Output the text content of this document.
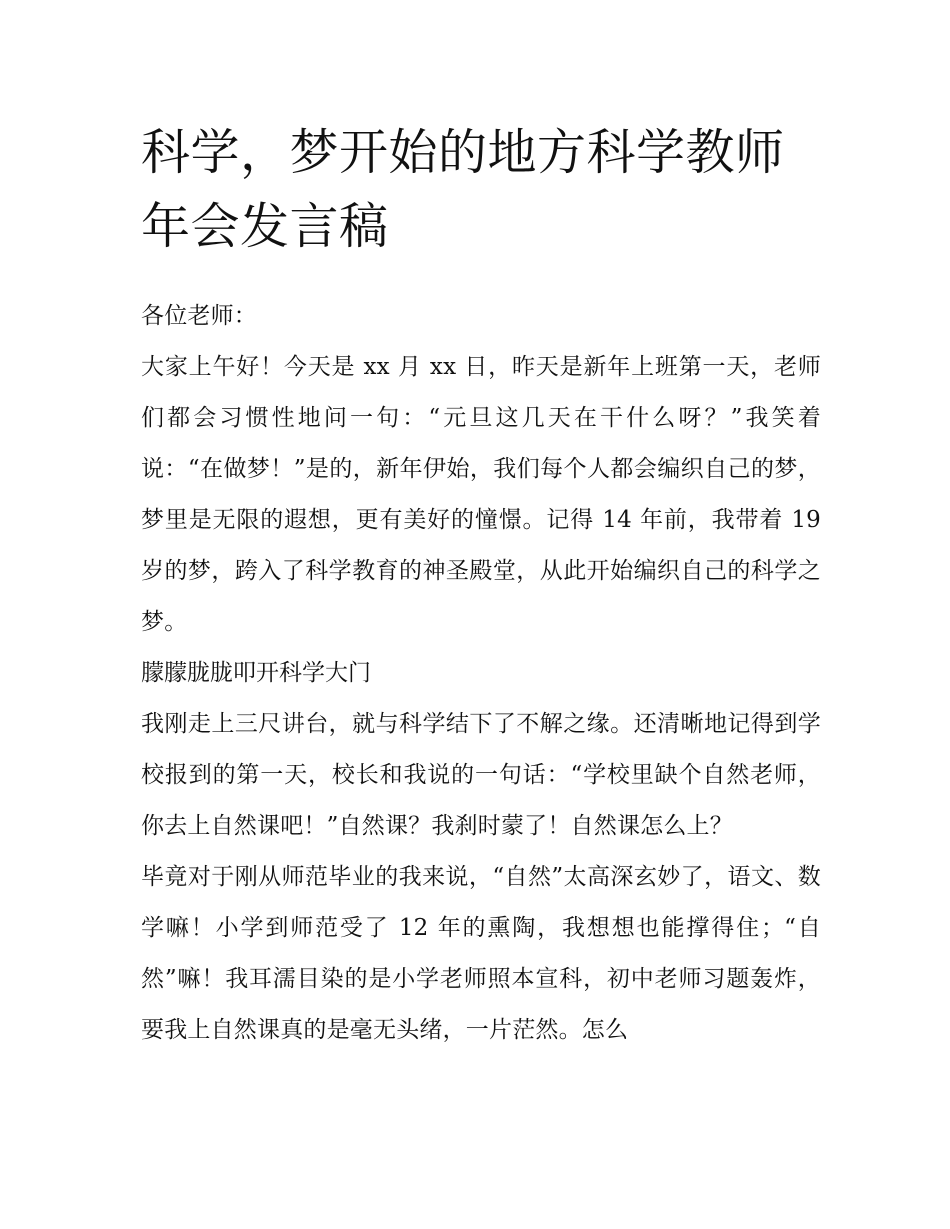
科学，梦开始的地方科学教师年会发言稿

各位老师：

大家上午好！今天是 xx 月 xx 日，昨天是新年上班第一天，老师们都会习惯性地问一句：“元旦这几天在干什么呀？”我笑着说：“在做梦！”是的，新年伊始，我们每个人都会编织自己的梦，梦里是无限的遐想，更有美好的憧憬。记得 14 年前，我带着 19 岁的梦，跨入了科学教育的神圣殿堂，从此开始编织自己的科学之梦。

朦朦胧胧叩开科学大门

我刚走上三尺讲台，就与科学结下了不解之缘。还清晰地记得到学校报到的第一天，校长和我说的一句话：“学校里缺个自然老师，你去上自然课吧！”自然课？我刹时蒙了！自然课怎么上？

毕竟对于刚从师范毕业的我来说，“自然”太高深玄妙了，语文、数学嘛！小学到师范受了 12 年的熏陶，我想想也能撑得住；“自然”嘛！我耳濡目染的是小学老师照本宣科，初中老师习题轰炸，要我上自然课真的是毫无头绪，一片茫然。怎么
